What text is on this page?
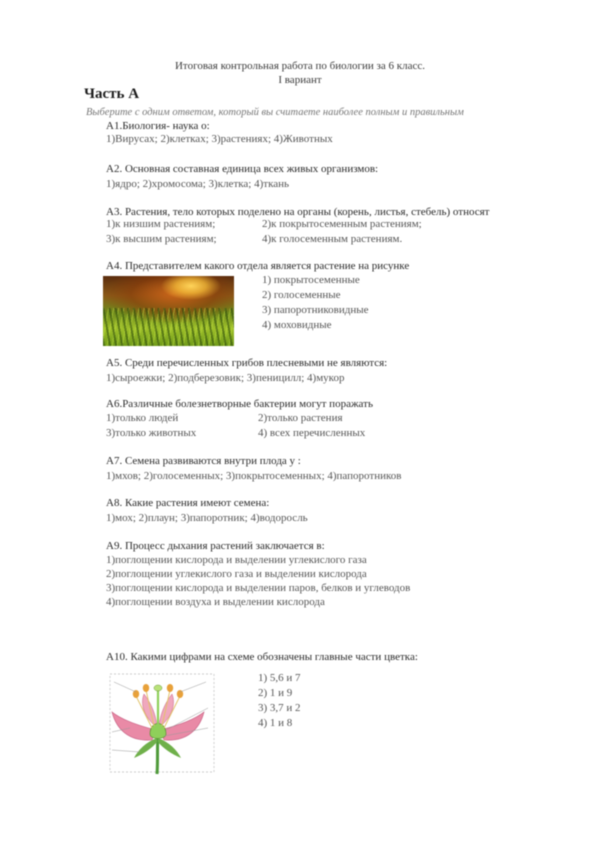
Итоговая контрольная работа по биологии за 6 класс.
I вариант
Часть А
Выберите с одним ответом, который вы считаете наиболее полным и правильным
А1.Биология- наука о:
1)Вирусах; 2)клетках; 3)растениях; 4)Животных
А2. Основная составная единица всех живых организмов:
1)ядро; 2)хромосома; 3)клетка; 4)ткань
А3. Растения, тело которых поделено на органы (корень, листья, стебель) относят
1)к низшим растениям;	2)к покрытосеменным растениям;
3)к высшим растениям;	4)к голосеменным растениям.
А4. Представителем какого отдела является растение на рисунке
1) покрытосеменные
2) голосеменные
3) папоротниковидные
4) моховидные
А5. Среди перечисленных грибов плесневыми не являются:
1)сыроежки; 2)подберезовик; 3)пеницилл; 4)мукор
А6.Различные болезнетворные бактерии могут поражать
1)только людей	2)только растения
3)только животных	4) всех перечисленных
А7. Семена развиваются внутри плода у :
1)мхов; 2)голосеменных; 3)покрытосеменных; 4)папоротников
А8. Какие растения имеют семена:
1)мох; 2)плаун; 3)папоротник; 4)водоросль
А9. Процесс дыхания растений заключается в:
1)поглощении кислорода и выделении углекислого газа
2)поглощении углекислого газа и выделении кислорода
3)поглощении кислорода и выделении паров, белков и углеводов
4)поглощении воздуха и выделении кислорода
А10. Какими цифрами на схеме обозначены главные части цветка:
1) 5,6 и 7
2) 1 и 9
3) 3,7 и 2
4) 1 и 8
